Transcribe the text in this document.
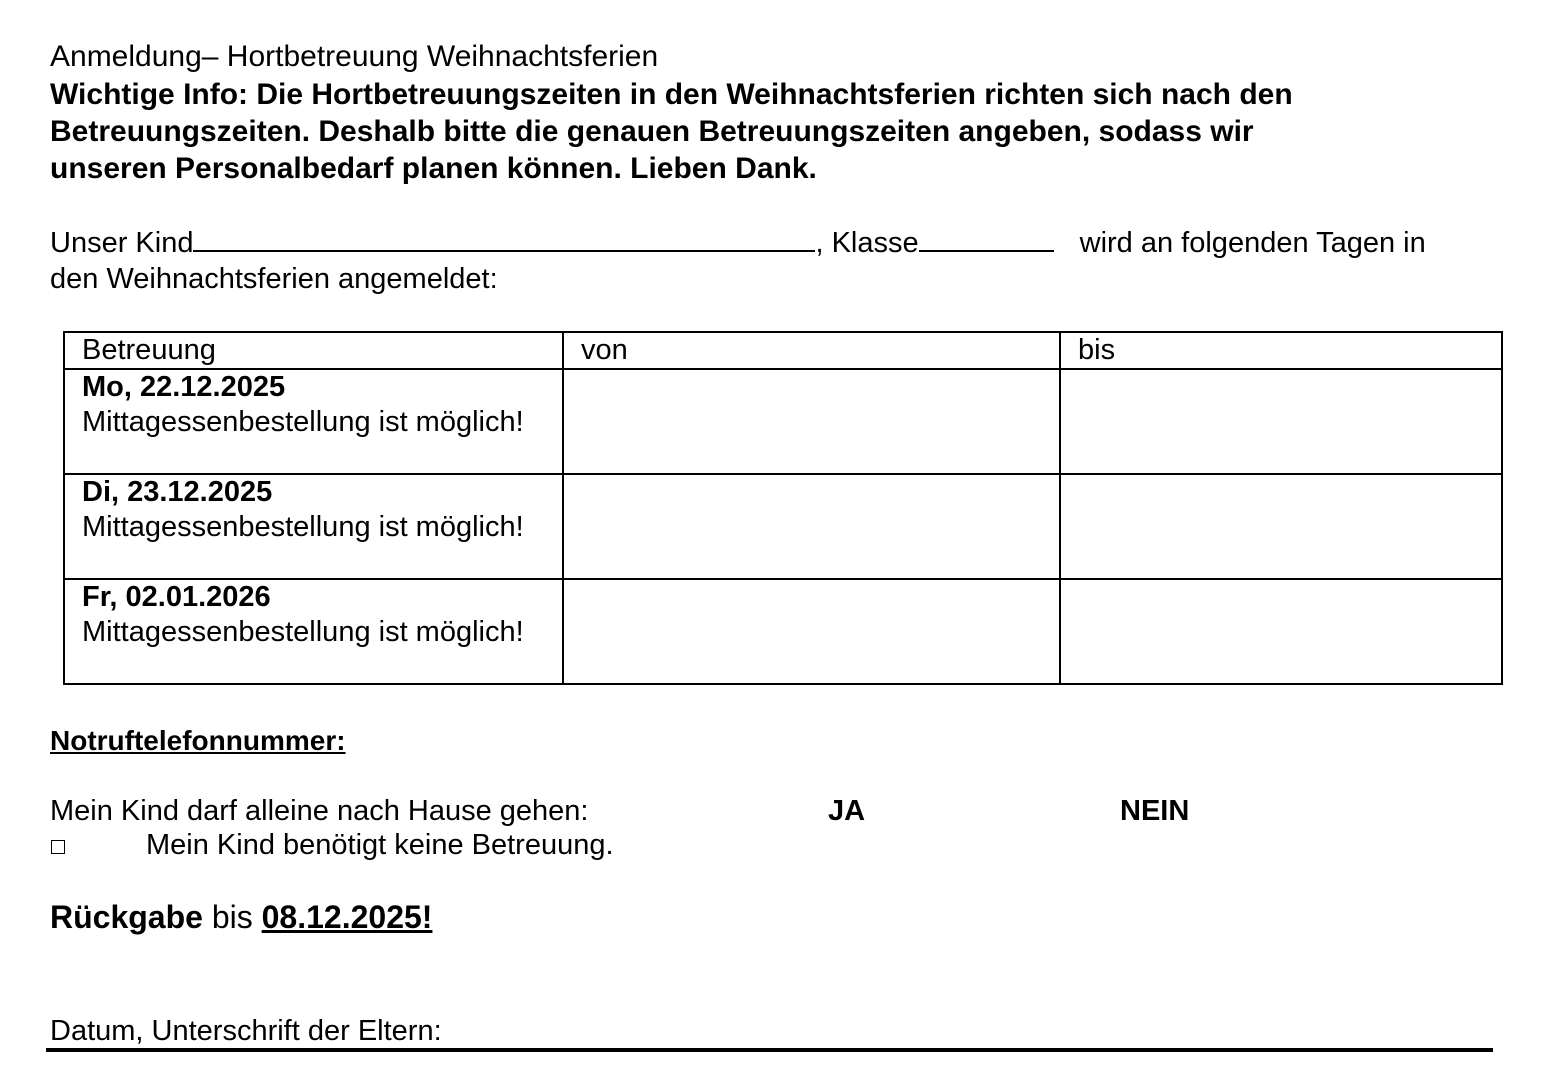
Anmeldung– Hortbetreuung Weihnachtsferien
Wichtige Info: Die Hortbetreuungszeiten in den Weihnachtsferien richten sich nach den
Betreuungszeiten. Deshalb bitte die genauen Betreuungszeiten angeben, sodass wir
unseren Personalbedarf planen können. Lieben Dank.
Unser Kind	, Klasse	wird an folgenden Tagen in
den Weihnachtsferien angemeldet:
Betreuung	von	bis

Mo, 22.12.2025
Mittagessenbestellung ist möglich!		

Di, 23.12.2025
Mittagessenbestellung ist möglich!		

Fr, 02.01.2026
Mittagessenbestellung ist möglich!		

Notruftelefonnummer:
Mein Kind darf alleine nach Hause gehen:	JA	NEIN
Mein Kind benötigt keine Betreuung.
Rückgabe bis 08.12.2025!
Datum, Unterschrift der Eltern:
